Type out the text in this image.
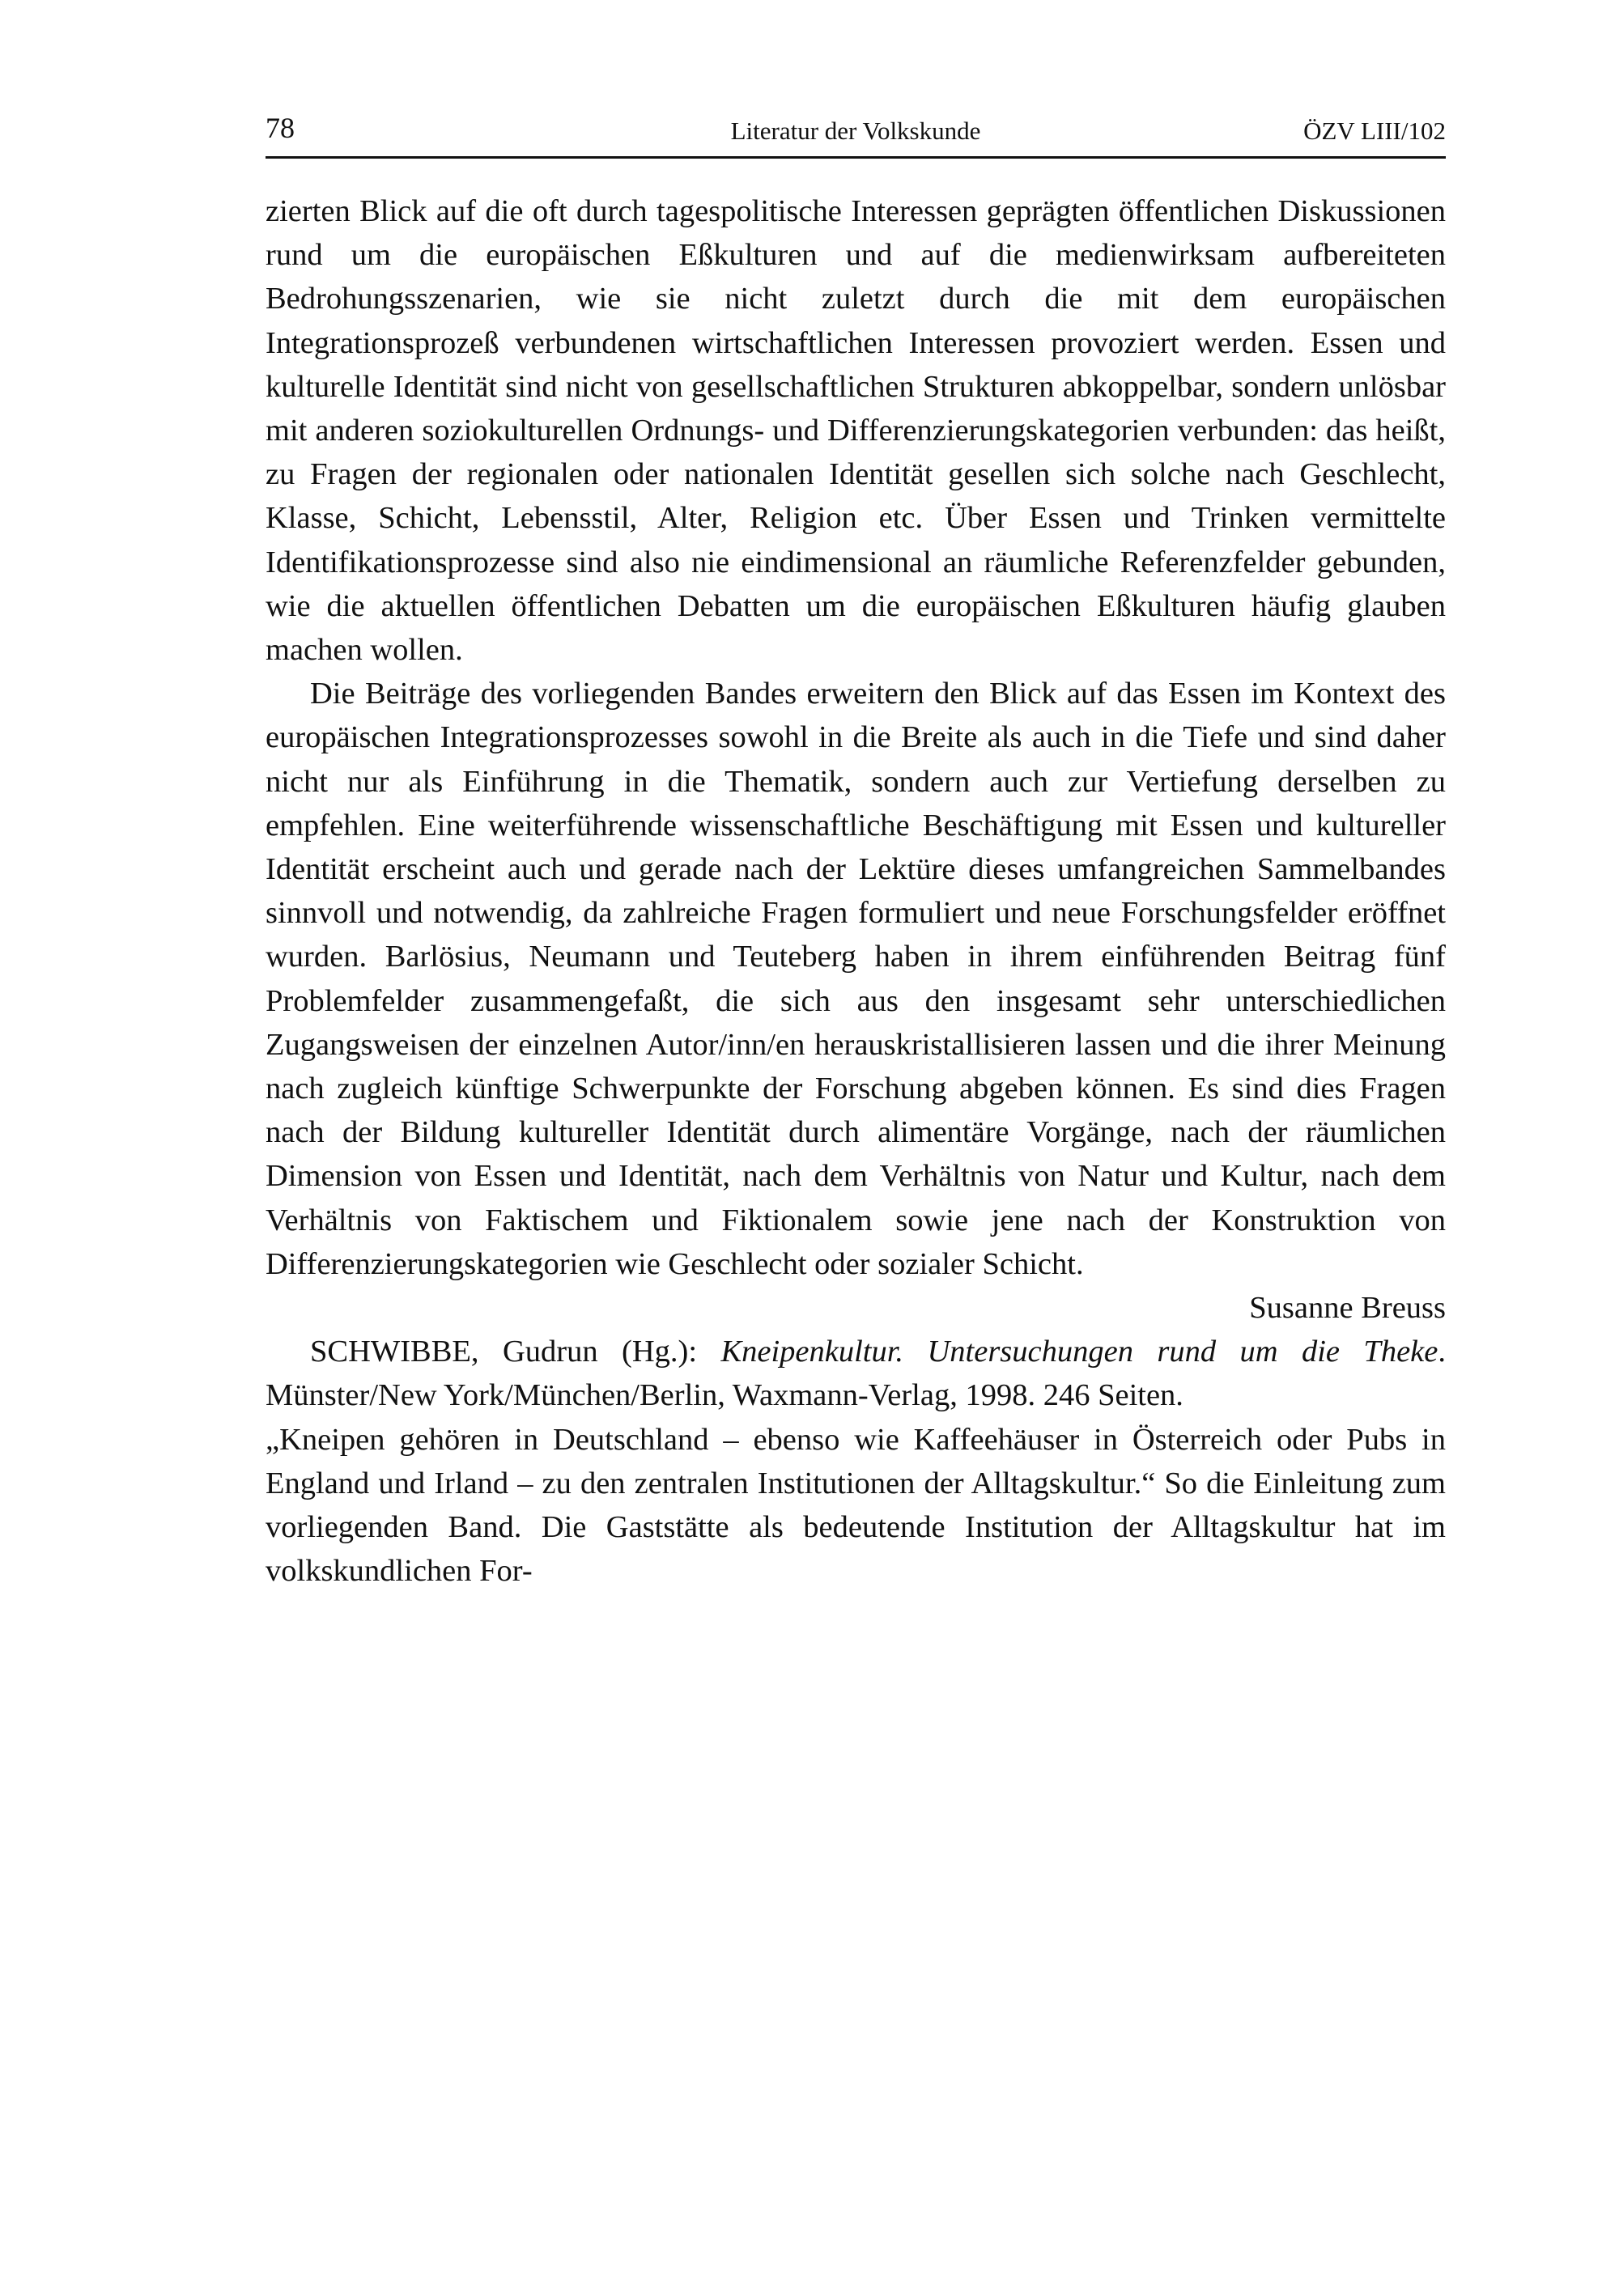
78	Literatur der Volkskunde	ÖZV LIII/102

zierten Blick auf die oft durch tagespolitische Interessen geprägten öffentlichen Diskussionen rund um die europäischen Eßkulturen und auf die medienwirksam aufbereiteten Bedrohungsszenarien, wie sie nicht zuletzt durch die mit dem europäischen Integrationsprozeß verbundenen wirtschaftlichen Interessen provoziert werden. Essen und kulturelle Identität sind nicht von gesellschaftlichen Strukturen abkoppelbar, sondern unlösbar mit anderen soziokulturellen Ordnungs- und Differenzierungskategorien verbunden: das heißt, zu Fragen der regionalen oder nationalen Identität gesellen sich solche nach Geschlecht, Klasse, Schicht, Lebensstil, Alter, Religion etc. Über Essen und Trinken vermittelte Identifikationsprozesse sind also nie eindimensional an räumliche Referenzfelder gebunden, wie die aktuellen öffentlichen Debatten um die europäischen Eßkulturen häufig glauben machen wollen.

Die Beiträge des vorliegenden Bandes erweitern den Blick auf das Essen im Kontext des europäischen Integrationsprozesses sowohl in die Breite als auch in die Tiefe und sind daher nicht nur als Einführung in die Thematik, sondern auch zur Vertiefung derselben zu empfehlen. Eine weiterführende wissenschaftliche Beschäftigung mit Essen und kultureller Identität erscheint auch und gerade nach der Lektüre dieses umfangreichen Sammelbandes sinnvoll und notwendig, da zahlreiche Fragen formuliert und neue Forschungsfelder eröffnet wurden. Barlösius, Neumann und Teuteberg haben in ihrem einführenden Beitrag fünf Problemfelder zusammengefaßt, die sich aus den insgesamt sehr unterschiedlichen Zugangsweisen der einzelnen Autor/inn/en herauskristallisieren lassen und die ihrer Meinung nach zugleich künftige Schwerpunkte der Forschung abgeben können. Es sind dies Fragen nach der Bildung kultureller Identität durch alimentäre Vorgänge, nach der räumlichen Dimension von Essen und Identität, nach dem Verhältnis von Natur und Kultur, nach dem Verhältnis von Faktischem und Fiktionalem sowie jene nach der Konstruktion von Differenzierungskategorien wie Geschlecht oder sozialer Schicht.

Susanne Breuss

SCHWIBBE, Gudrun (Hg.): Kneipenkultur. Untersuchungen rund um die Theke. Münster/New York/München/Berlin, Waxmann-Verlag, 1998. 246 Seiten.

„Kneipen gehören in Deutschland – ebenso wie Kaffeehäuser in Österreich oder Pubs in England und Irland – zu den zentralen Institutionen der Alltagskultur.“ So die Einleitung zum vorliegenden Band. Die Gaststätte als bedeutende Institution der Alltagskultur hat im volkskundlichen For-
